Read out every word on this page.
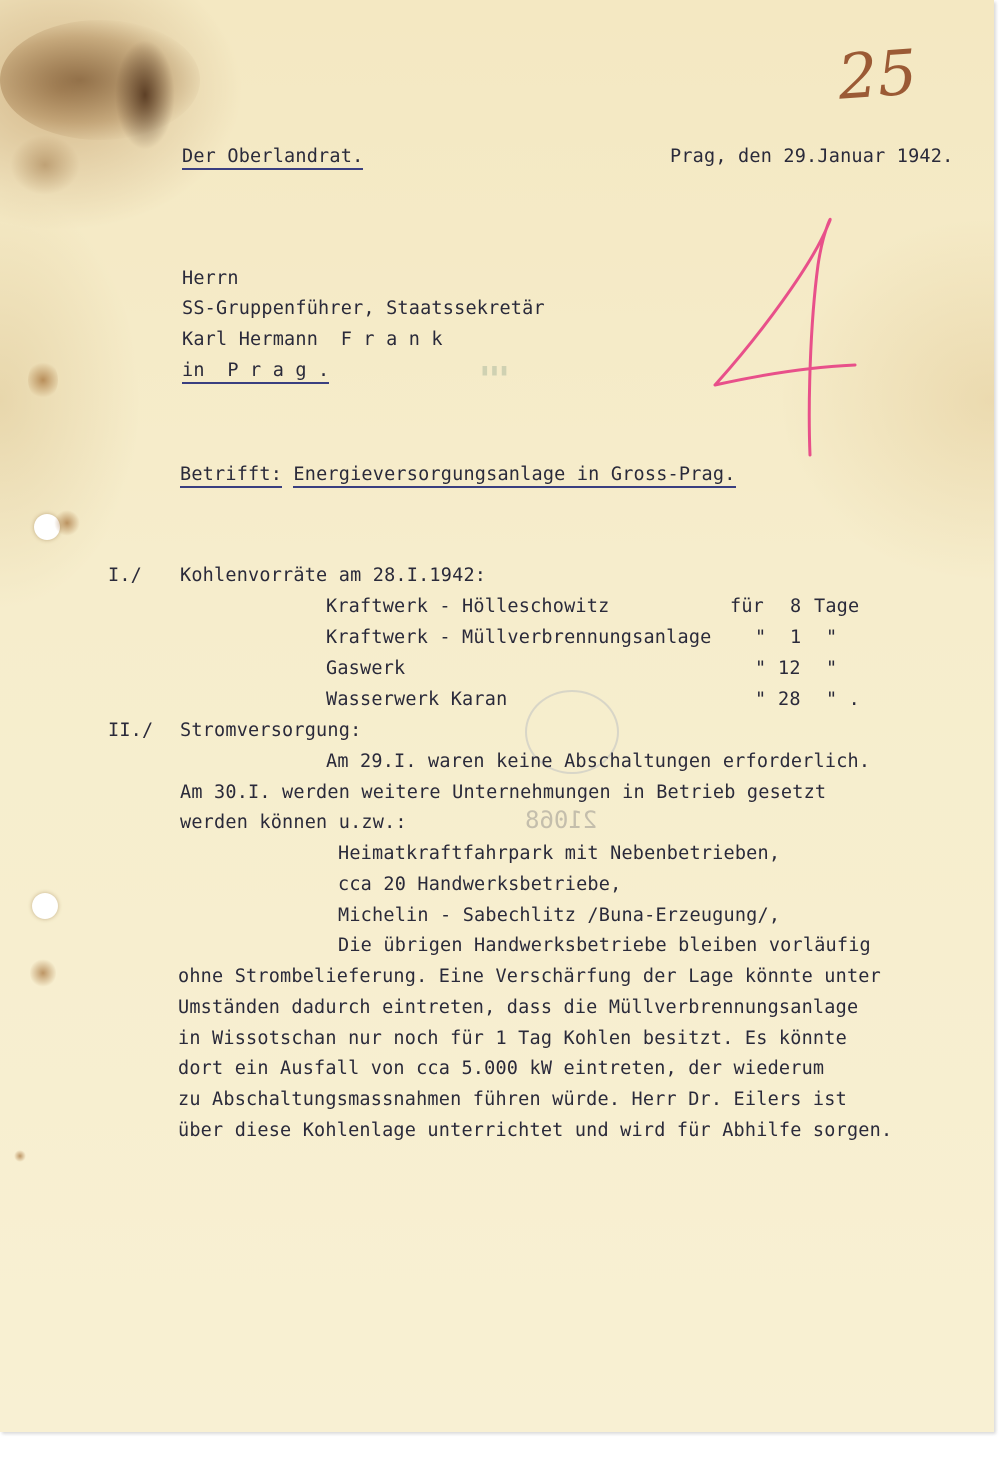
▮▮▮
21068
25
Der Oberlandrat.	Prag, den 29.Januar 1942.
Herrn
SS-Gruppenführer, Staatssekretär
Karl Hermann  F r a n k
in  P r a g .
Betrifft: Energieversorgungsanlage in Gross-Prag.
I./ Kohlenvorräte am 28.I.1942:
Kraftwerk - Hölleschowitz	für 8 Tage
Kraftwerk - Müllverbrennungsanlage " 1 "
Gaswerk	" 12 "
Wasserwerk Karan	" 28 " .
II./ Stromversorgung:
Am 29.I. waren keine Abschaltungen erforderlich.
Am 30.I. werden weitere Unternehmungen in Betrieb gesetzt
werden können u.zw.:
Heimatkraftfahrpark mit Nebenbetrieben,
cca 20 Handwerksbetriebe,
Michelin - Sabechlitz /Buna-Erzeugung/,
Die übrigen Handwerksbetriebe bleiben vorläufig
ohne Strombelieferung. Eine Verschärfung der Lage könnte unter
Umständen dadurch eintreten, dass die Müllverbrennungsanlage
in Wissotschan nur noch für 1 Tag Kohlen besitzt. Es könnte
dort ein Ausfall von cca 5.000 kW eintreten, der wiederum
zu Abschaltungsmassnahmen führen würde. Herr Dr. Eilers ist
über diese Kohlenlage unterrichtet und wird für Abhilfe sorgen.
